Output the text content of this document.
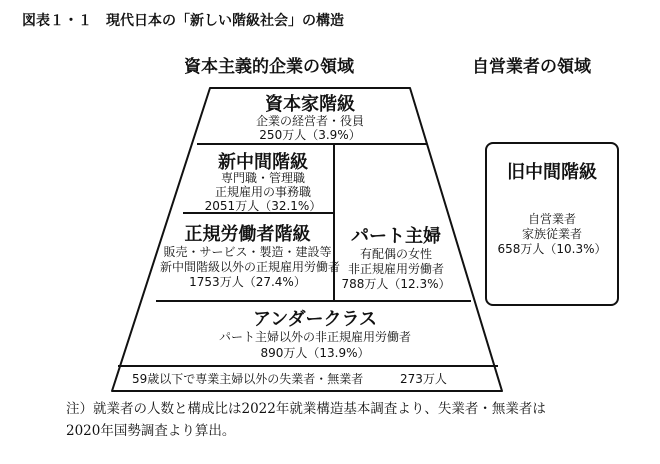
図表１・１　現代日本の「新しい階級社会」の構造
資本主義的企業の領域	自営業者の領域
資本家階級
企業の経営者・役員
250万人（3.9%）
新中間階級
専門職・管理職
正規雇用の事務職
2051万人（32.1%）
正規労働者階級
販売・サービス・製造・建設等
新中間階級以外の正規雇用労働者
1753万人（27.4%）
パート主婦
有配偶の女性
非正規雇用労働者
788万人（12.3%）
アンダークラス
パート主婦以外の非正規雇用労働者
890万人（13.9%）
59歳以下で専業主婦以外の失業者・無業者	273万人
旧中間階級
自営業者
家族従業者
658万人（10.3%）
注）就業者の人数と構成比は2022年就業構造基本調査より、失業者・無業者は
2020年国勢調査より算出。
